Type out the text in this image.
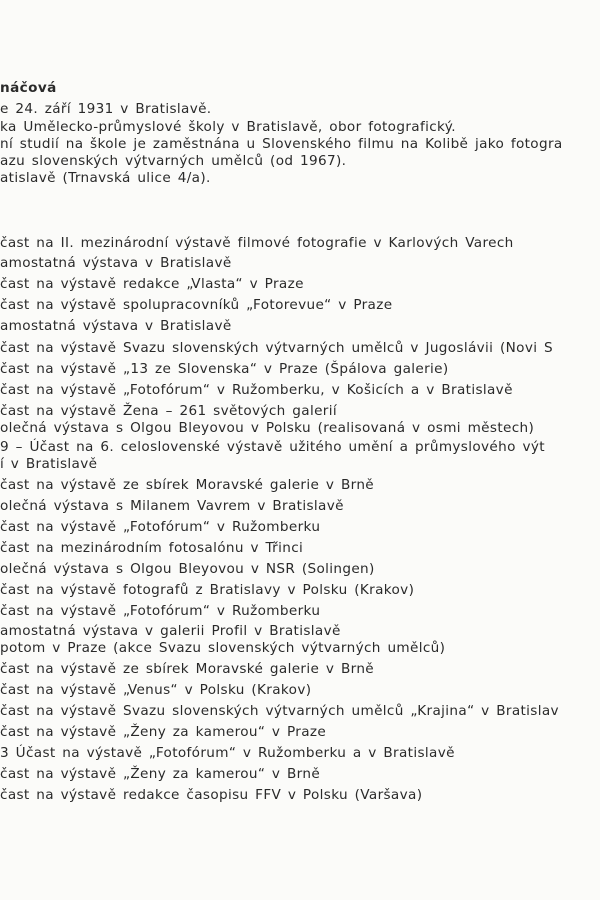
náčová
e 24. září 1931 v Bratislavě.
ka Umělecko-průmyslové školy v Bratislavě, obor fotografický.
ní studií na škole je zaměstnána u Slovenského filmu na Kolibě jako fotogra
azu slovenských výtvarných umělců (od 1967).
atislavě (Trnavská ulice 4/a).
čast na II. mezinárodní výstavě filmové fotografie v Karlových Varech
amostatná výstava v Bratislavě
čast na výstavě redakce „Vlasta“ v Praze
čast na výstavě spolupracovníků „Fotorevue“ v Praze
amostatná výstava v Bratislavě
čast na výstavě Svazu slovenských výtvarných umělců v Jugoslávii (Novi S
čast na výstavě „13 ze Slovenska“ v Praze (Špálova galerie)
čast na výstavě „Fotofórum“ v Ružomberku, v Košicích a v Bratislavě
čast na výstavě Žena – 261 světových galerií
olečná výstava s Olgou Bleyovou v Polsku (realisovaná v osmi městech)
9 – Účast na 6. celoslovenské výstavě užitého umění a průmyslového výt
í v Bratislavě
čast na výstavě ze sbírek Moravské galerie v Brně
olečná výstava s Milanem Vavrem v Bratislavě
čast na výstavě „Fotofórum“ v Ružomberku
čast na mezinárodním fotosalónu v Třinci
olečná výstava s Olgou Bleyovou v NSR (Solingen)
čast na výstavě fotografů z Bratislavy v Polsku (Krakov)
čast na výstavě „Fotofórum“ v Ružomberku
amostatná výstava v galerii Profil v Bratislavě
potom v Praze (akce Svazu slovenských výtvarných umělců)
čast na výstavě ze sbírek Moravské galerie v Brně
čast na výstavě „Venus“ v Polsku (Krakov)
čast na výstavě Svazu slovenských výtvarných umělců „Krajina“ v Bratislav
čast na výstavě „Ženy za kamerou“ v Praze
3 Účast na výstavě „Fotofórum“ v Ružomberku a v Bratislavě
čast na výstavě „Ženy za kamerou“ v Brně
čast na výstavě redakce časopisu FFV v Polsku (Varšava)
